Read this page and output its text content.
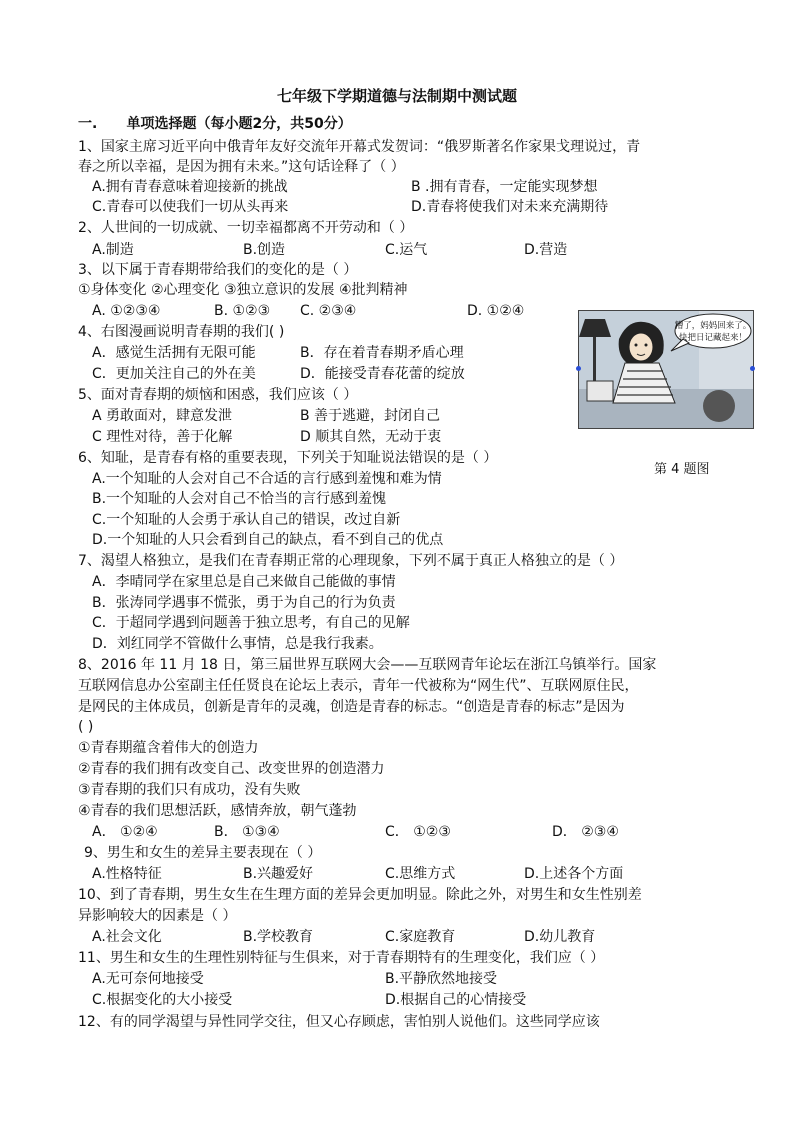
七年级下学期道德与法制期中测试题
一.      单项选择题（每小题2分，共50分）
1、国家主席习近平向中俄青年友好交流年开幕式发贺词：“俄罗斯著名作家果戈理说过，青
春之所以幸福，是因为拥有未来。”这句话诠释了（ ）
A.拥有青春意味着迎接新的挑战	B .拥有青春，一定能实现梦想
C.青春可以使我们一切从头再来	D.青春将使我们对未来充满期待
2、人世间的一切成就、一切幸福都离不开劳动和（ ）
A.制造	B.创造	C.运气	D.营造
3、以下属于青春期带给我们的变化的是（ ）
①身体变化 ②心理变化 ③独立意识的发展 ④批判精神
A. ①②③④	B. ①②③ C. ②③④	D. ①②④
4、右图漫画说明青春期的我们( )
A．感觉生活拥有无限可能	B．存在着青春期矛盾心理
C．更加关注自己的外在美	D．能接受青春花蕾的绽放
糟了，妈妈回来了。
快把日记藏起来！
第 4 题图
5、面对青春期的烦恼和困惑，我们应该（ ）
A 勇敢面对，肆意发泄	B 善于逃避，封闭自己
C 理性对待，善于化解	D 顺其自然，无动于衷
6、知耻，是青春有格的重要表现，下列关于知耻说法错误的是（ ）
A.一个知耻的人会对自己不合适的言行感到羞愧和难为情
B.一个知耻的人会对自己不恰当的言行感到羞愧
C.一个知耻的人会勇于承认自己的错误，改过自新
D.一个知耻的人只会看到自己的缺点，看不到自己的优点
7、渴望人格独立，是我们在青春期正常的心理现象，下列不属于真正人格独立的是（ ）
A．李晴同学在家里总是自己来做自己能做的事情
B．张涛同学遇事不慌张，勇于为自己的行为负责
C．于超同学遇到问题善于独立思考，有自己的见解
D．刘红同学不管做什么事情，总是我行我素。
8、2016 年 11 月 18 日，第三届世界互联网大会——互联网青年论坛在浙江乌镇举行。国家
互联网信息办公室副主任任贤良在论坛上表示，青年一代被称为“网生代”、互联网原住民，
是网民的主体成员，创新是青年的灵魂，创造是青春的标志。“创造是青春的标志”是因为
( )
①青春期蕴含着伟大的创造力
②青春的我们拥有改变自己、改变世界的创造潜力
③青春期的我们只有成功，没有失败
④青春的我们思想活跃，感情奔放，朝气蓬勃
A． ①②④	B． ①③④	C． ①②③	D． ②③④
9、男生和女生的差异主要表现在（ ）
A.性格特征	B.兴趣爱好	C.思维方式	D.上述各个方面
10、到了青春期，男生女生在生理方面的差异会更加明显。除此之外，对男生和女生性别差
异影响较大的因素是（ ）
A.社会文化	B.学校教育	C.家庭教育	D.幼儿教育
11、男生和女生的生理性别特征与生俱来，对于青春期特有的生理变化，我们应（ ）
A.无可奈何地接受	B.平静欣然地接受
C.根据变化的大小接受	D.根据自己的心情接受
12、有的同学渴望与异性同学交往，但又心存顾虑，害怕别人说他们。这些同学应该
